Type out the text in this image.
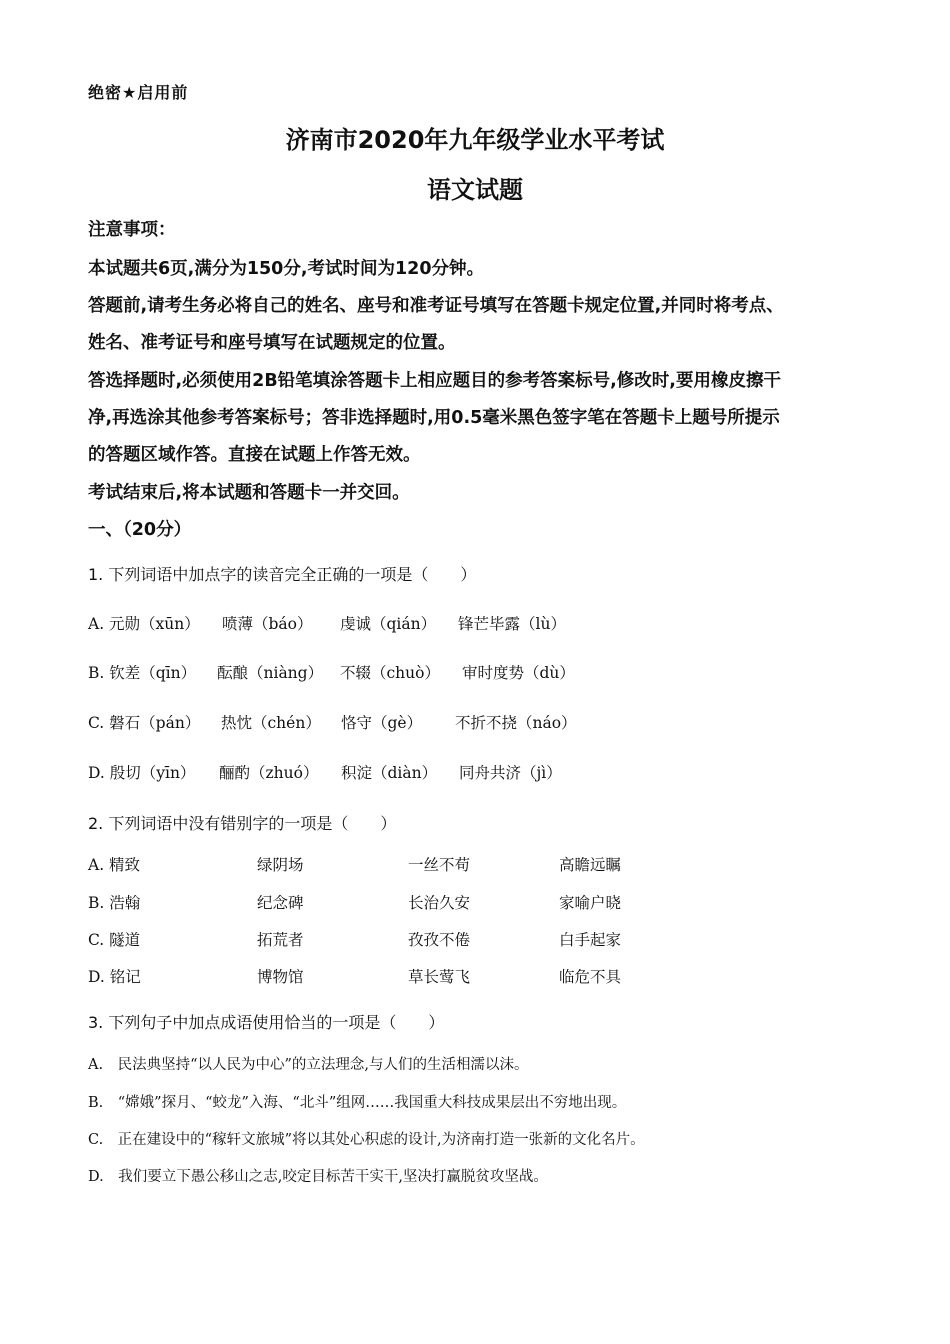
绝密★启用前
济南市2020年九年级学业水平考试
语文试题
注意事项：
本试题共6页,满分为150分,考试时间为120分钟。
答题前,请考生务必将自己的姓名、座号和准考证号填写在答题卡规定位置,并同时将考点、
姓名、准考证号和座号填写在试题规定的位置。
答选择题时,必须使用2B铅笔填涂答题卡上相应题目的参考答案标号,修改时,要用橡皮擦干
净,再选涂其他参考答案标号；答非选择题时,用0.5毫米黑色签字笔在答题卡上题号所提示
的答题区域作答。直接在试题上作答无效。
考试结束后,将本试题和答题卡一并交回。
一、（20分）
1. 下列词语中加点字的读音完全正确的一项是（　　）
A. 元勋（xūn） 喷薄（báo） 虔诚（qián） 锋芒毕露（lù）
B. 钦差（qīn） 酝酿（niàng） 不辍（chuò） 审时度势（dù）
C. 磐石（pán） 热忱（chén） 恪守（gè） 不折不挠（náo）
D. 殷切（yīn） 酾酌（zhuó） 积淀（diàn） 同舟共济（jì）
2. 下列词语中没有错别字的一项是（　　）
A. 精致	绿阴场	一丝不苟	高瞻远瞩
B. 浩翰	纪念碑	长治久安	家喻户晓
C. 隧道	拓荒者	孜孜不倦	白手起家
D. 铭记	博物馆	草长莺飞	临危不具
3. 下列句子中加点成语使用恰当的一项是（　　）
A.　民法典坚持“以人民为中心”的立法理念,与人们的生活相濡以沫。
B.　“嫦娥”探月、“蛟龙”入海、“北斗”组网……我国重大科技成果层出不穷地出现。
C.　正在建设中的“稼轩文旅城”将以其处心积虑的设计,为济南打造一张新的文化名片。
D.　我们要立下愚公移山之志,咬定目标苦干实干,坚决打赢脱贫攻坚战。
